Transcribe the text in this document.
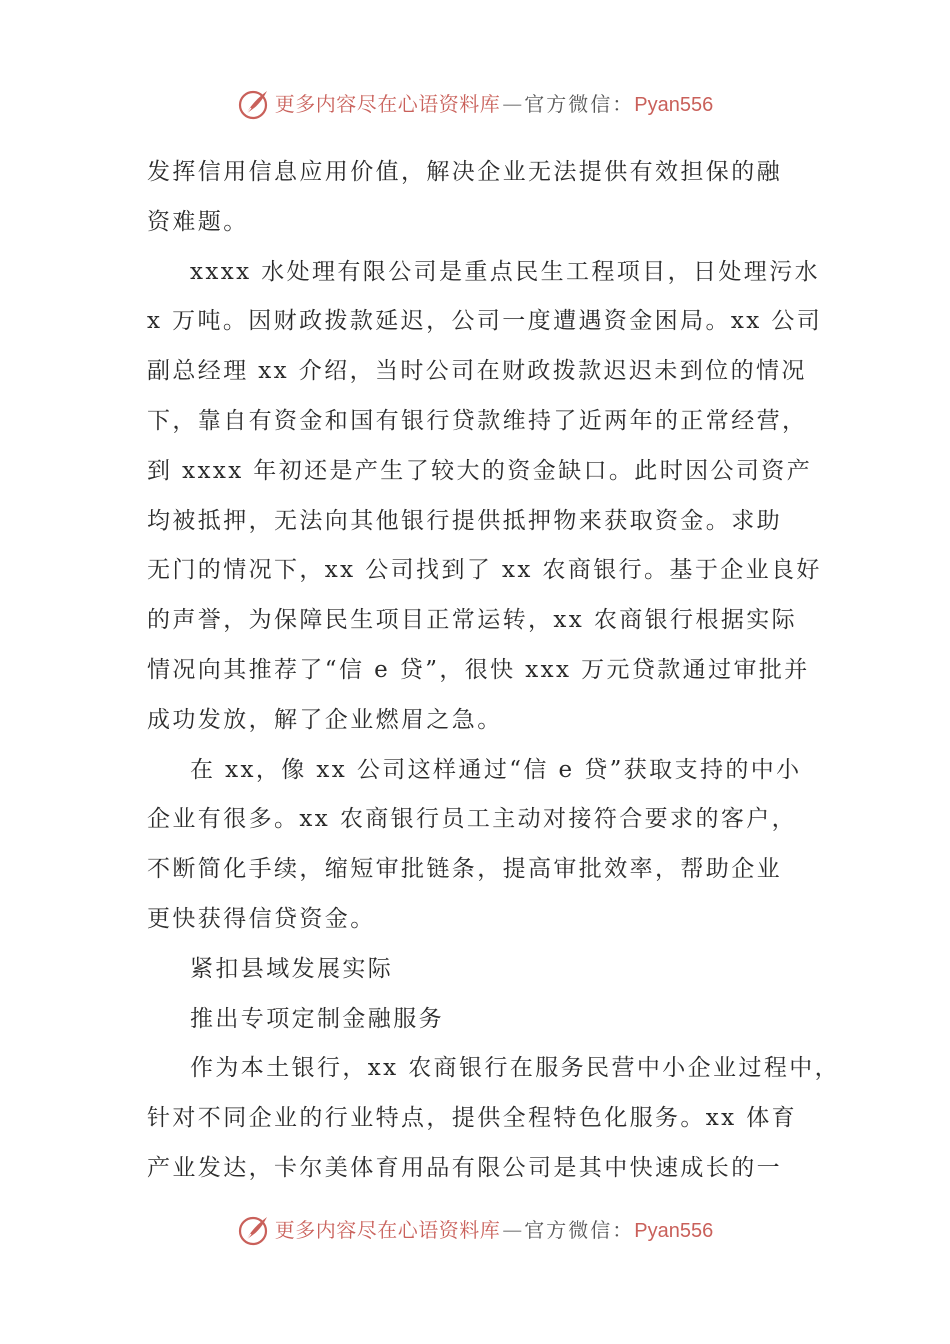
更多内容尽在心语资料库 — 官方微信： Pyan556
发挥信用信息应用价值，解决企业无法提供有效担保的融
资难题。
xxxx 水处理有限公司是重点民生工程项目，日处理污水
x 万吨。因财政拨款延迟，公司一度遭遇资金困局。xx 公司
副总经理 xx 介绍，当时公司在财政拨款迟迟未到位的情况
下，靠自有资金和国有银行贷款维持了近两年的正常经营，
到 xxxx 年初还是产生了较大的资金缺口。此时因公司资产
均被抵押，无法向其他银行提供抵押物来获取资金。求助
无门的情况下，xx 公司找到了 xx 农商银行。基于企业良好
的声誉，为保障民生项目正常运转，xx 农商银行根据实际
情况向其推荐了“信 e 贷”，很快 xxx 万元贷款通过审批并
成功发放，解了企业燃眉之急。
在 xx，像 xx 公司这样通过“信 e 贷”获取支持的中小
企业有很多。xx 农商银行员工主动对接符合要求的客户，
不断简化手续，缩短审批链条，提高审批效率，帮助企业
更快获得信贷资金。
紧扣县域发展实际
推出专项定制金融服务
作为本土银行，xx 农商银行在服务民营中小企业过程中，
针对不同企业的行业特点，提供全程特色化服务。xx 体育
产业发达，卡尔美体育用品有限公司是其中快速成长的一
更多内容尽在心语资料库 — 官方微信： Pyan556
